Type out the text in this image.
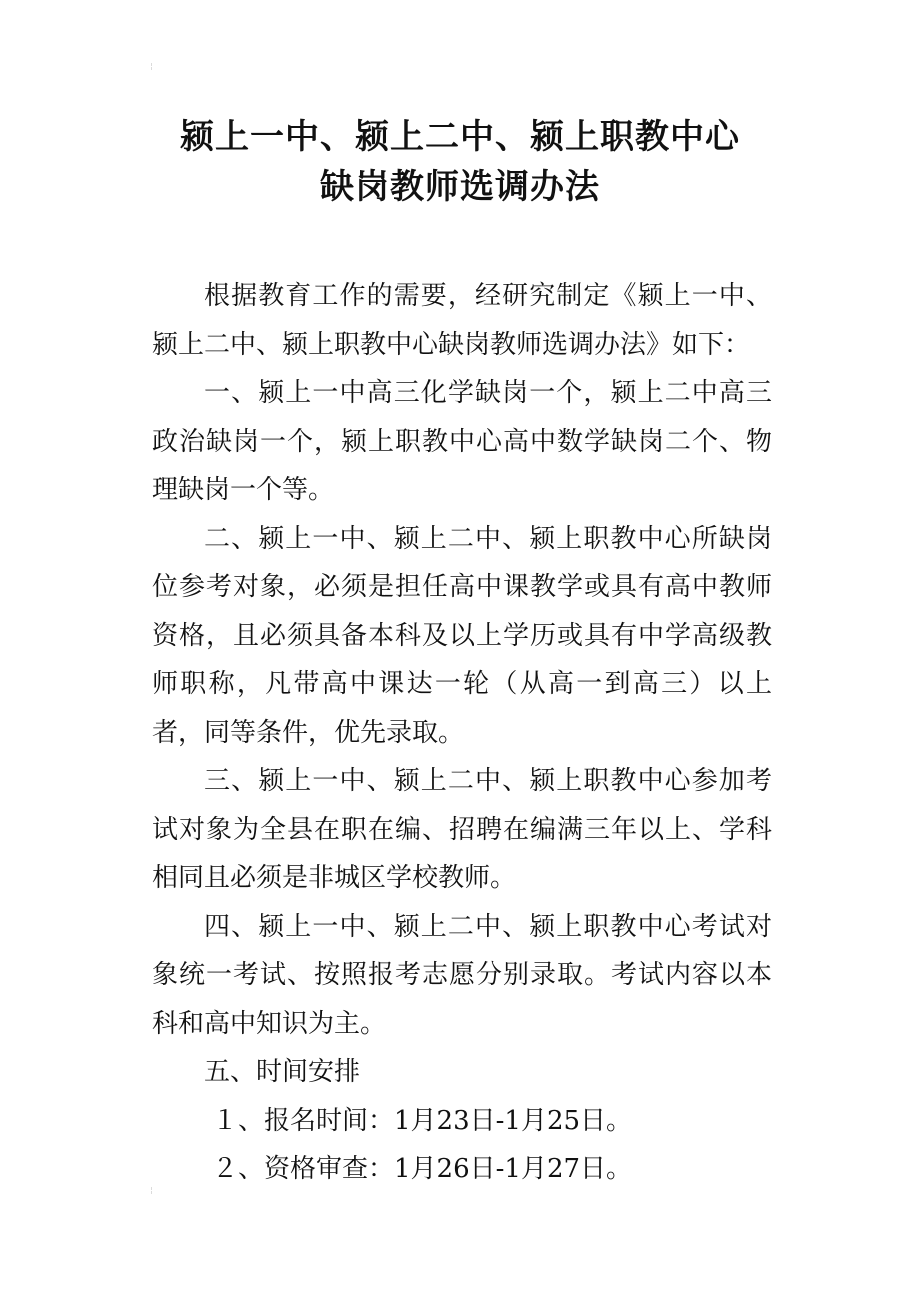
颍上一中、颍上二中、颍上职教中心
缺岗教师选调办法

根据教育工作的需要，经研究制定《颍上一中、颍上二中、颍上职教中心缺岗教师选调办法》如下：

一、颍上一中高三化学缺岗一个，颍上二中高三政治缺岗一个，颍上职教中心高中数学缺岗二个、物理缺岗一个等。

二、颍上一中、颍上二中、颍上职教中心所缺岗位参考对象，必须是担任高中课教学或具有高中教师资格，且必须具备本科及以上学历或具有中学高级教师职称，凡带高中课达一轮（从高一到高三）以上者，同等条件，优先录取。

三、颍上一中、颍上二中、颍上职教中心参加考试对象为全县在职在编、招聘在编满三年以上、学科相同且必须是非城区学校教师。

四、颍上一中、颍上二中、颍上职教中心考试对象统一考试、按照报考志愿分别录取。考试内容以本科和高中知识为主。

五、时间安排

１、报名时间：1月23日-1月25日。

２、资格审查：1月26日-1月27日。
